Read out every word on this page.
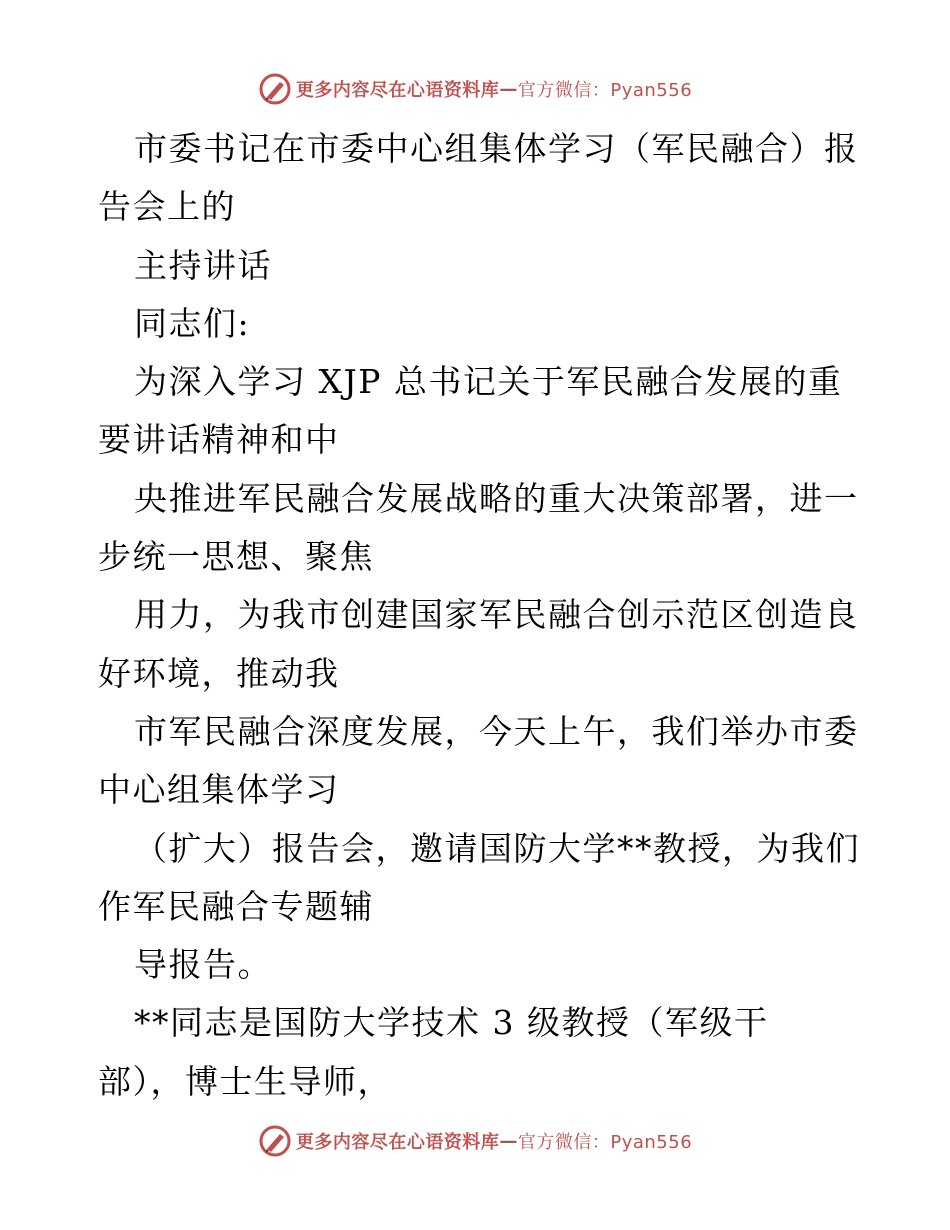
更多内容尽在心语资料库 — 官方微信：Pyan556
市委书记在市委中心组集体学习（军民融合）报
告会上的
主持讲话
同志们:
为深入学习 XJP 总书记关于军民融合发展的重
要讲话精神和中
央推进军民融合发展战略的重大决策部署，进一
步统一思想、聚焦
用力，为我市创建国家军民融合创示范区创造良
好环境，推动我
市军民融合深度发展，今天上午，我们举办市委
中心组集体学习
（扩大）报告会，邀请国防大学**教授，为我们
作军民融合专题辅
导报告。
**同志是国防大学技术 3 级教授（军级干
部），博士生导师，
更多内容尽在心语资料库 — 官方微信：Pyan556
